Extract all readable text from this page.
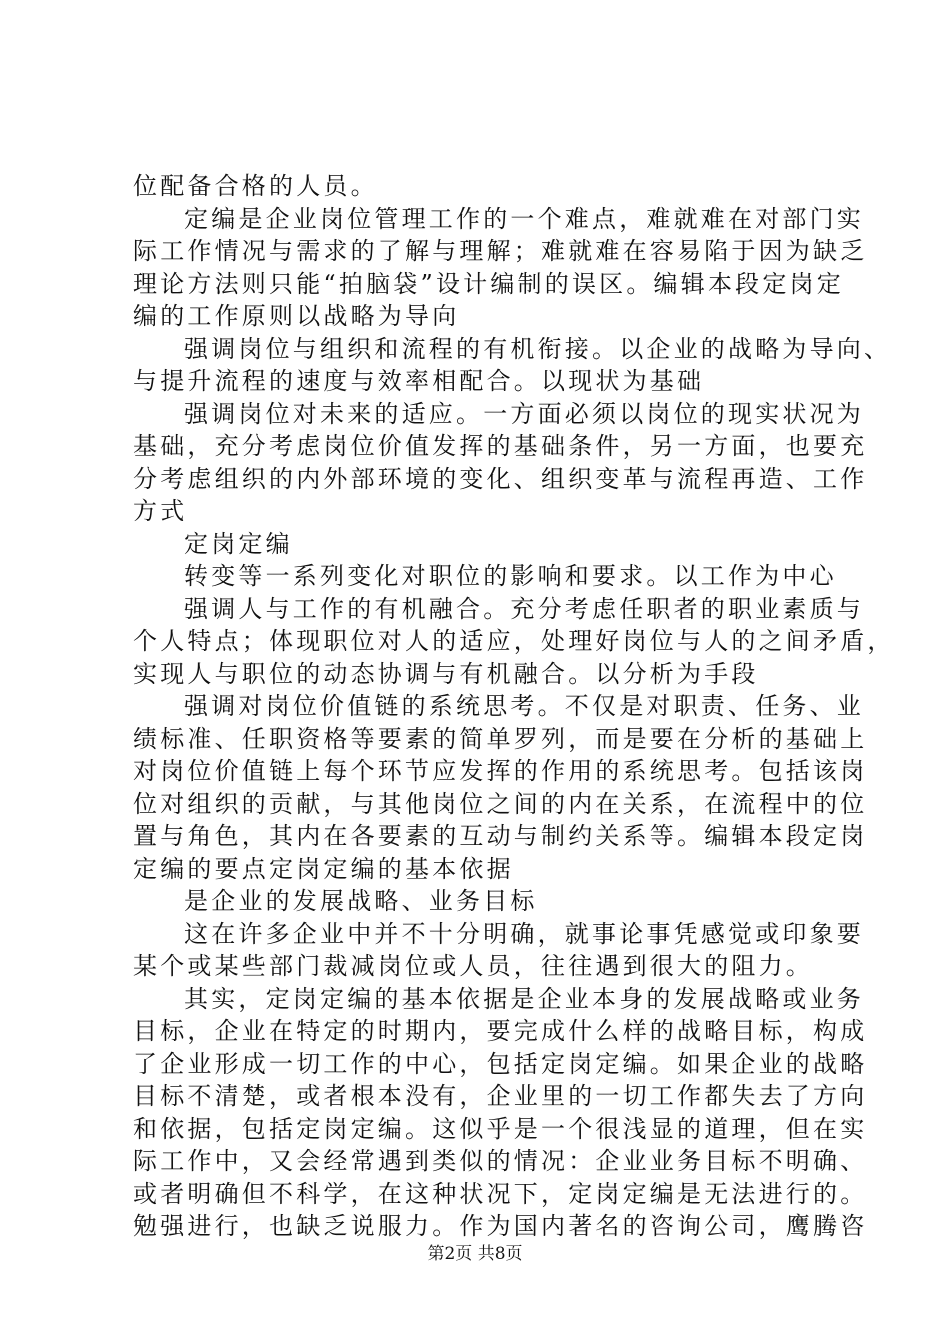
位配备合格的人员。
定编是企业岗位管理工作的一个难点，难就难在对部门实
际工作情况与需求的了解与理解；难就难在容易陷于因为缺乏
理论方法则只能“拍脑袋”设计编制的误区。编辑本段定岗定
编的工作原则以战略为导向
强调岗位与组织和流程的有机衔接。以企业的战略为导向、
与提升流程的速度与效率相配合。以现状为基础
强调岗位对未来的适应。一方面必须以岗位的现实状况为
基础，充分考虑岗位价值发挥的基础条件，另一方面，也要充
分考虑组织的内外部环境的变化、组织变革与流程再造、工作
方式
定岗定编
转变等一系列变化对职位的影响和要求。以工作为中心
强调人与工作的有机融合。充分考虑任职者的职业素质与
个人特点；体现职位对人的适应，处理好岗位与人的之间矛盾，
实现人与职位的动态协调与有机融合。以分析为手段
强调对岗位价值链的系统思考。不仅是对职责、任务、业
绩标准、任职资格等要素的简单罗列，而是要在分析的基础上
对岗位价值链上每个环节应发挥的作用的系统思考。包括该岗
位对组织的贡献，与其他岗位之间的内在关系，在流程中的位
置与角色，其内在各要素的互动与制约关系等。编辑本段定岗
定编的要点定岗定编的基本依据
是企业的发展战略、业务目标
这在许多企业中并不十分明确，就事论事凭感觉或印象要
某个或某些部门裁减岗位或人员，往往遇到很大的阻力。
其实，定岗定编的基本依据是企业本身的发展战略或业务
目标，企业在特定的时期内，要完成什么样的战略目标，构成
了企业形成一切工作的中心，包括定岗定编。如果企业的战略
目标不清楚，或者根本没有，企业里的一切工作都失去了方向
和依据，包括定岗定编。这似乎是一个很浅显的道理，但在实
际工作中，又会经常遇到类似的情况：企业业务目标不明确、
或者明确但不科学，在这种状况下，定岗定编是无法进行的。
勉强进行，也缺乏说服力。作为国内著名的咨询公司，鹰腾咨
第2页 共8页
